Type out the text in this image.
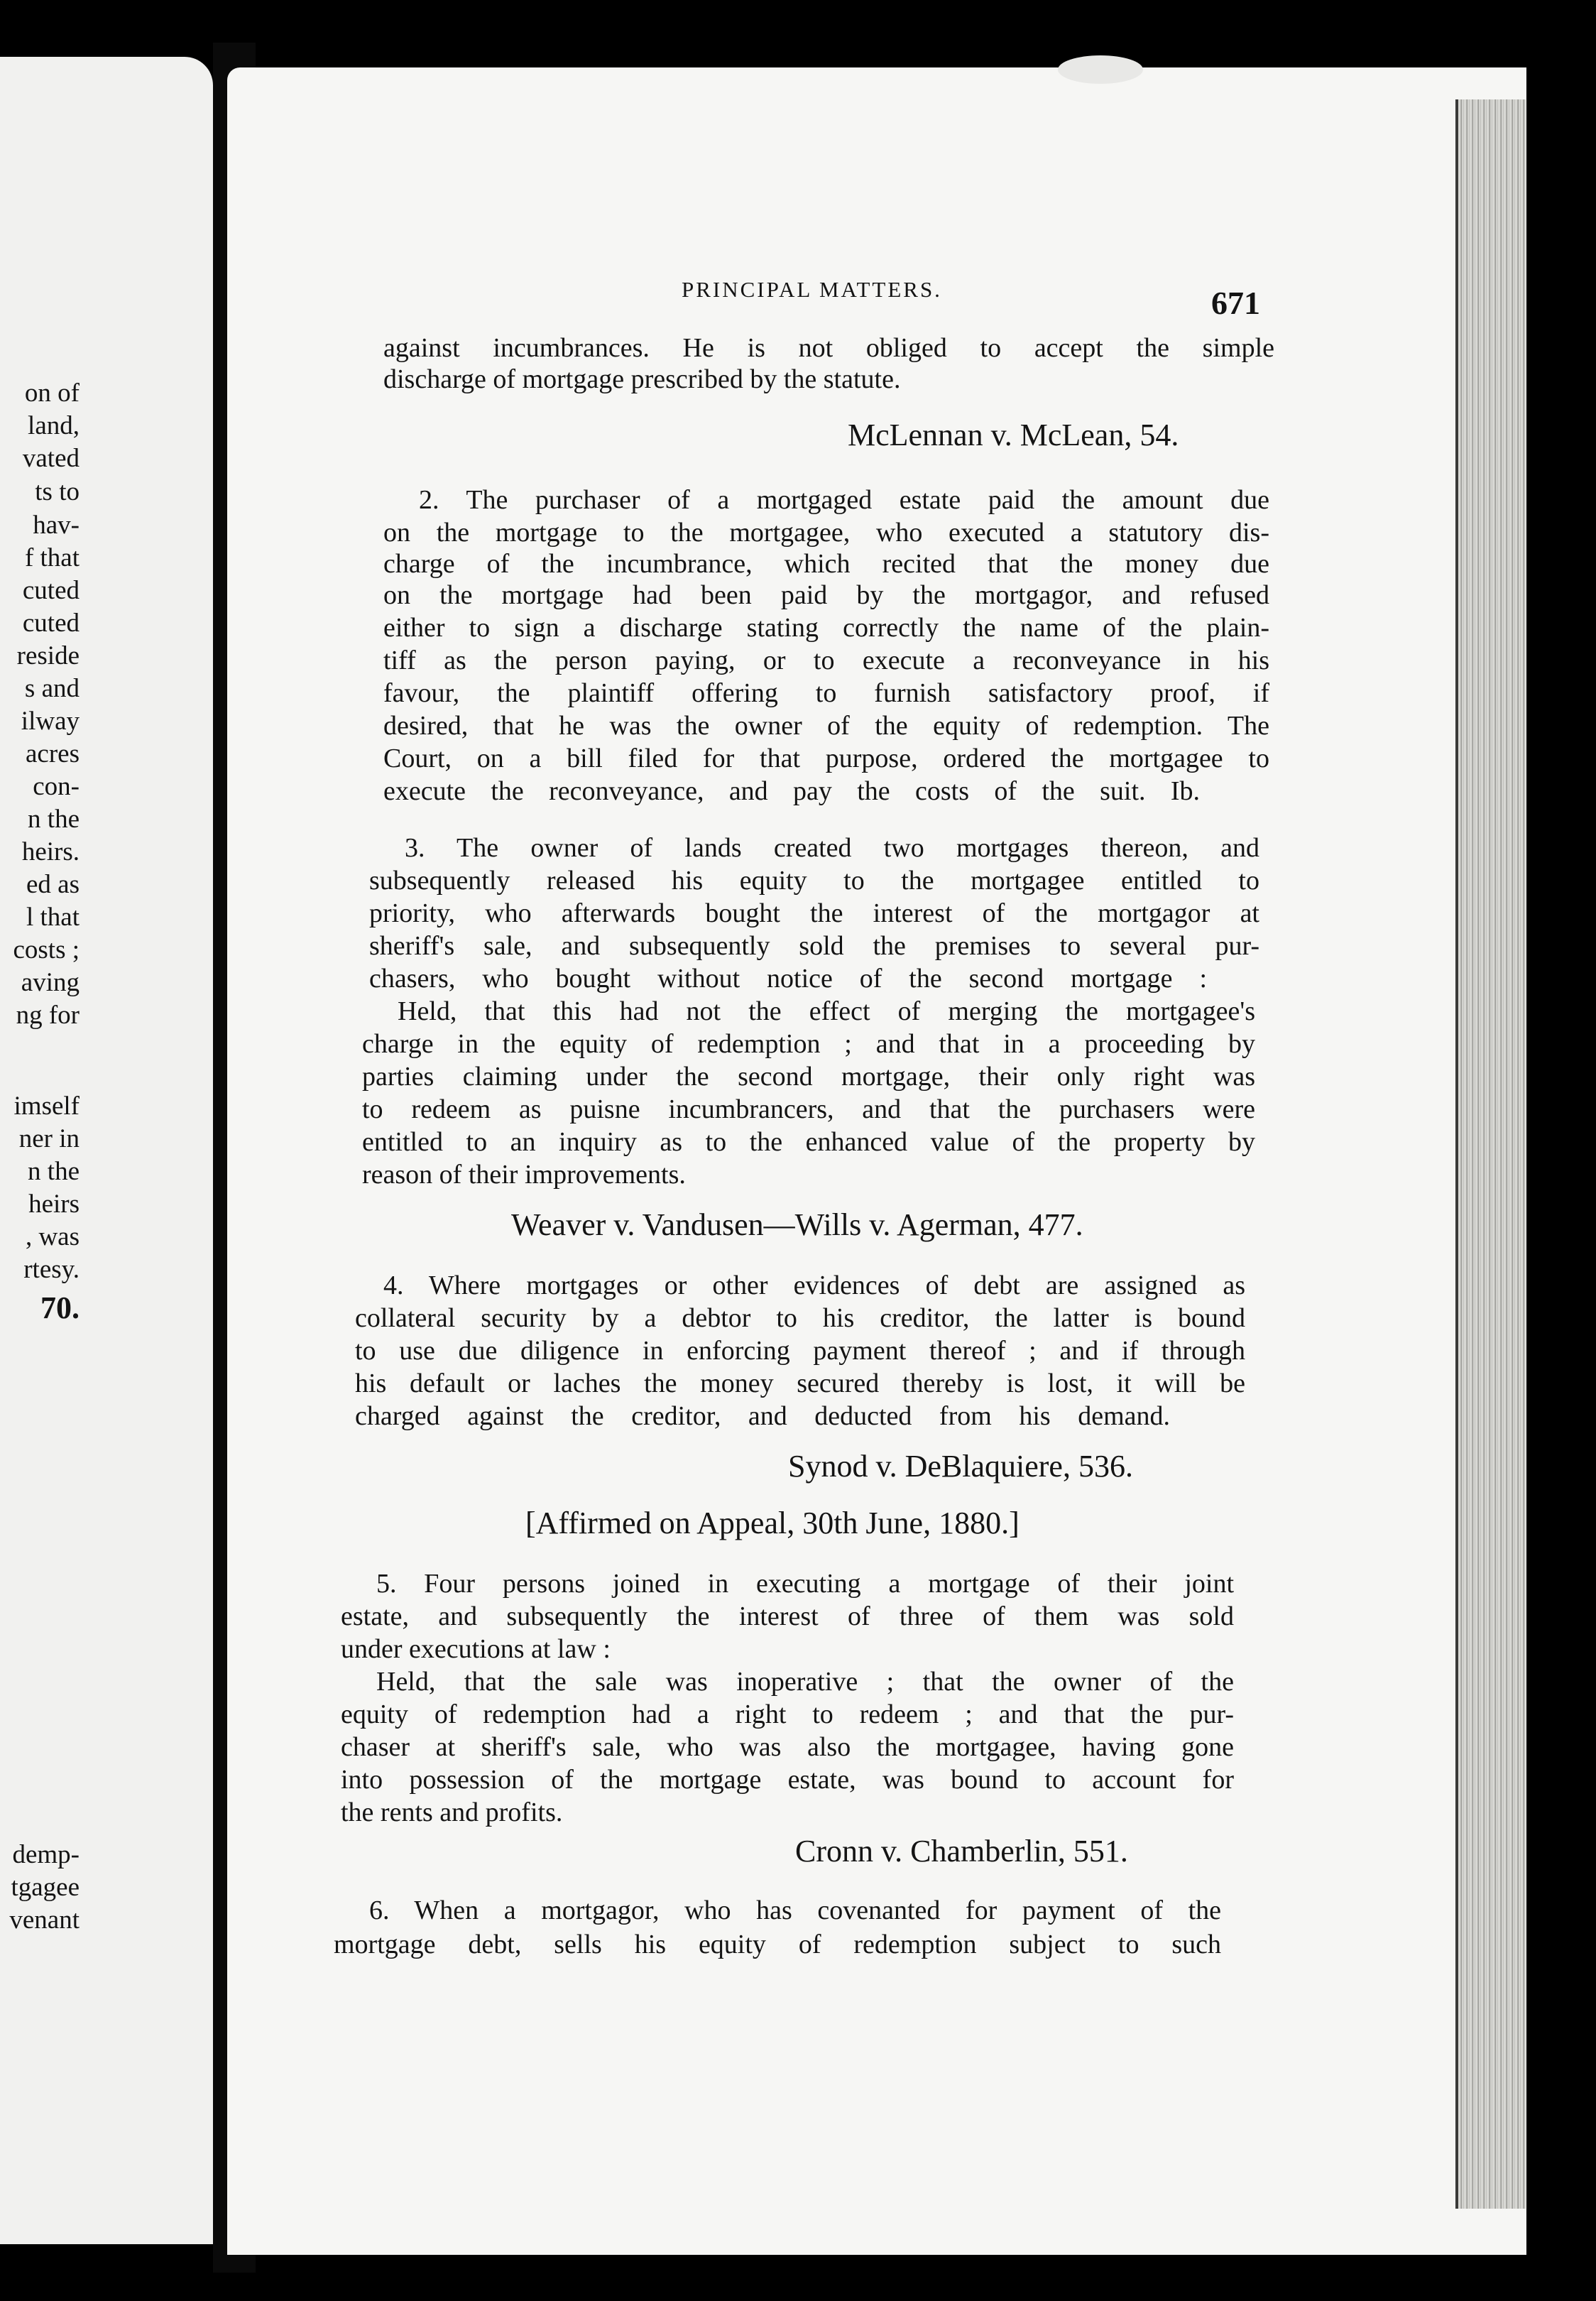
on of
land,
vated
ts to
hav-
f that
cuted
cuted
reside
s and
ilway
acres
con-
n the
heirs.
ed as
l that
costs ;
aving
ng for
imself
ner in
n the
heirs
, was
rtesy.
70.
demp-
tgagee
venant
PRINCIPAL MATTERS.	671
against incumbrances. He is not obliged to accept the simple
discharge of mortgage prescribed by the statute.
McLennan v. McLean, 54.
2. The purchaser of a mortgaged estate paid the amount due
on the mortgage to the mortgagee, who executed a statutory dis-
charge of the incumbrance, which recited that the money due
on the mortgage had been paid by the mortgagor, and refused
either to sign a discharge stating correctly the name of the plain-
tiff as the person paying, or to execute a reconveyance in his
favour, the plaintiff offering to furnish satisfactory proof, if
desired, that he was the owner of the equity of redemption. The
Court, on a bill filed for that purpose, ordered the mortgagee to
execute the reconveyance, and pay the costs of the suit. Ib.
3. The owner of lands created two mortgages thereon, and
subsequently released his equity to the mortgagee entitled to
priority, who afterwards bought the interest of the mortgagor at
sheriff's sale, and subsequently sold the premises to several pur-
chasers, who bought without notice of the second mortgage :
Held, that this had not the effect of merging the mortgagee's
charge in the equity of redemption ; and that in a proceeding by
parties claiming under the second mortgage, their only right was
to redeem as puisne incumbrancers, and that the purchasers were
entitled to an inquiry as to the enhanced value of the property by
reason of their improvements.
Weaver v. Vandusen—Wills v. Agerman, 477.
4. Where mortgages or other evidences of debt are assigned as
collateral security by a debtor to his creditor, the latter is bound
to use due diligence in enforcing payment thereof ; and if through
his default or laches the money secured thereby is lost, it will be
charged against the creditor, and deducted from his demand.
Synod v. DeBlaquiere, 536.
[Affirmed on Appeal, 30th June, 1880.]
5. Four persons joined in executing a mortgage of their joint
estate, and subsequently the interest of three of them was sold
under executions at law :
Held, that the sale was inoperative ; that the owner of the
equity of redemption had a right to redeem ; and that the pur-
chaser at sheriff's sale, who was also the mortgagee, having gone
into possession of the mortgage estate, was bound to account for
the rents and profits.
Cronn v. Chamberlin, 551.
6. When a mortgagor, who has covenanted for payment of the
mortgage debt, sells his equity of redemption subject to such
